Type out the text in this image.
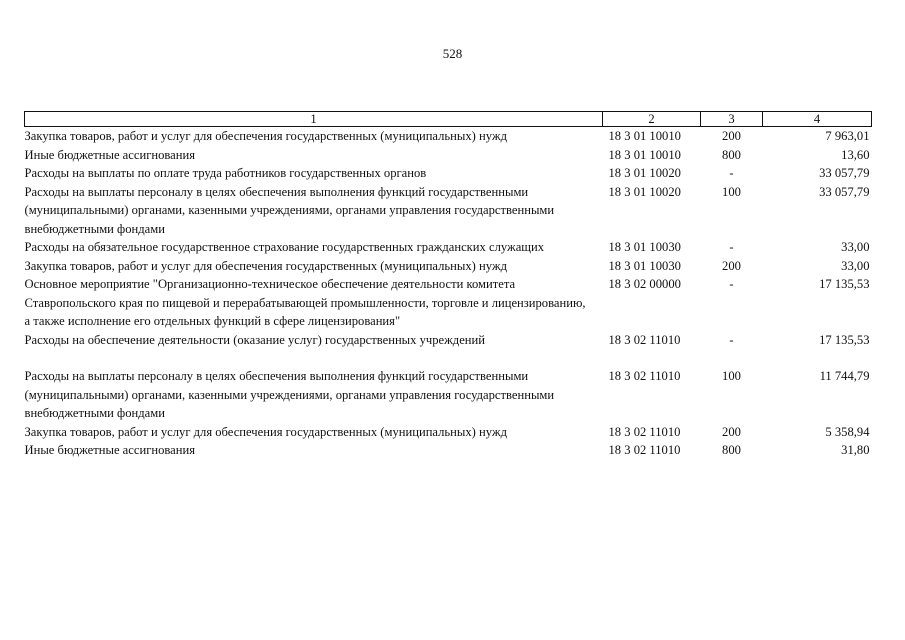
528
1	2	3	4
Закупка товаров, работ и услуг для обеспечения государственных (муниципальных) нужд	18 3 01 10010	200	7 963,01
Иные бюджетные ассигнования	18 3 01 10010	800	13,60
Расходы на выплаты по оплате труда работников государственных органов	18 3 01 10020	-	33 057,79
Расходы на выплаты персоналу в целях обеспечения выполнения функций государственными (муниципальными) органами, казенными учреждениями, органами управления государственными внебюджетными фондами	18 3 01 10020	100	33 057,79
Расходы на обязательное государственное страхование государственных гражданских служащих	18 3 01 10030	-	33,00
Закупка товаров, работ и услуг для обеспечения государственных (муниципальных) нужд	18 3 01 10030	200	33,00
Основное мероприятие "Организационно-техническое обеспечение деятельности комитета Ставропольского края по пищевой и перерабатывающей промышленности, торговле и лицензированию, а также исполнение его отдельных функций в сфере лицензирования"	18 3 02 00000	-	17 135,53
Расходы на обеспечение деятельности (оказание услуг) государственных учреждений	18 3 02 11010	-	17 135,53

Расходы на выплаты персоналу в целях обеспечения выполнения функций государственными (муниципальными) органами, казенными учреждениями, органами управления государственными внебюджетными фондами	18 3 02 11010	100	11 744,79
Закупка товаров, работ и услуг для обеспечения государственных (муниципальных) нужд	18 3 02 11010	200	5 358,94
Иные бюджетные ассигнования	18 3 02 11010	800	31,80
